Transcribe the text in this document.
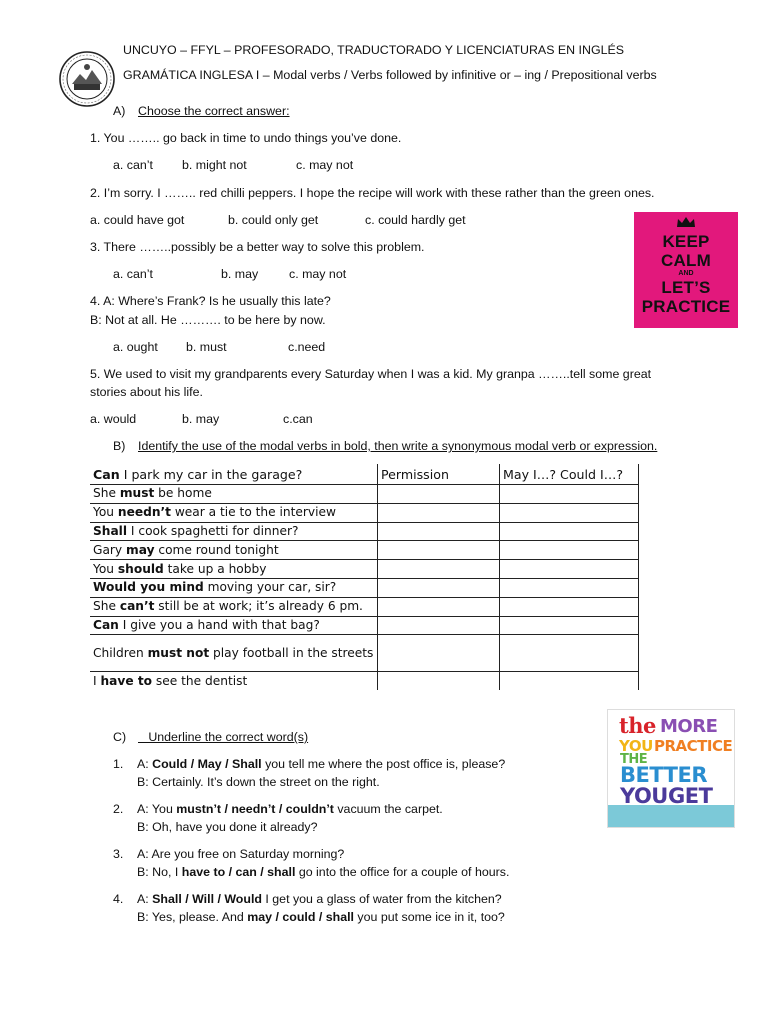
UNCUYO – FFYL – PROFESORADO, TRADUCTORADO Y LICENCIATURAS EN INGLÉS
GRAMÁTICA INGLESA I – Modal verbs / Verbs followed by infinitive or – ing / Prepositional verbs
A) Choose the correct answer:
1. You …….. go back in time to undo things you’ve done.
a. can’t b. might not	c. may not
2. I’m sorry. I …….. red chilli peppers. I hope the recipe will work with these rather than the green ones.
a. could have got	b. could only get	c. could hardly get
3. There ……..possibly be a better way to solve this problem.
a. can’t	b. may c. may not
4. A: Where’s Frank? Is he usually this late?
B: Not at all. He ………. to be here by now.
a. ought b. must	c.need
5. We used to visit my grandparents every Saturday when I was a kid. My granpa ……..tell some great
stories about his life.
a. would	b. may	c.can
KEEP
CALM
AND
LET’S
PRACTICE
B) Identify the use of the modal verbs in bold, then write a synonymous modal verb or expression.
Can I park my car in the garage?	Permission	May I…? Could I…?
She must be home		
You needn’t wear a tie to the interview		
Shall I cook spaghetti for dinner?		
Gary may come round tonight		
You should take up a hobby		
Would you mind moving your car, sir?		
She can’t still be at work; it’s already 6 pm.		
Can I give you a hand with that bag?		
Children must not play football in the streets		
I have to see the dentist		
C) Underline the correct word(s)
1. A: Could / May / Shall you tell me where the post office is, please?
B: Certainly. It’s down the street on the right.
2. A: You mustn’t / needn’t / couldn’t vacuum the carpet.
B: Oh, have you done it already?
3. A: Are you free on Saturday morning?
B: No, I have to / can / shall go into the office for a couple of hours.
4. A: Shall / Will / Would I get you a glass of water from the kitchen?
B: Yes, please. And may / could / shall you put some ice in it, too?
the MORE
YOU PRACTICE
THE
BETTER
YOU GET
